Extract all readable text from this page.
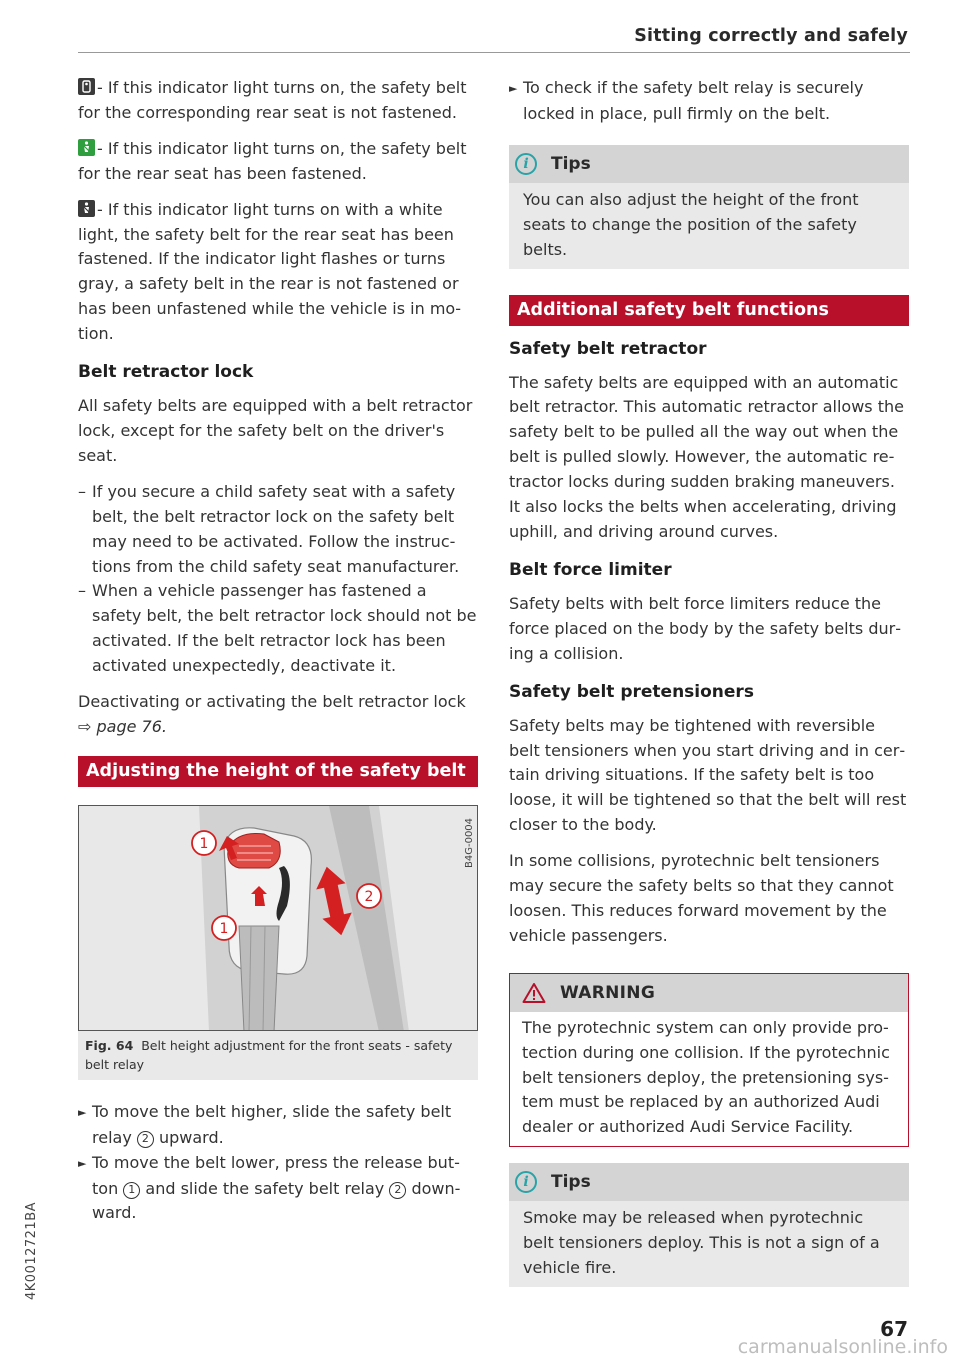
Sitting correctly and safely

- If this indicator light turns on, the safety belt for the corresponding rear seat is not fastened.

- If this indicator light turns on, the safety belt for the rear seat has been fastened.

- If this indicator light turns on with a white light, the safety belt for the rear seat has been fastened. If the indicator light flashes or turns gray, a safety belt in the rear is not fastened or has been unfastened while the vehicle is in motion.

Belt retractor lock

All safety belts are equipped with a belt retractor lock, except for the safety belt on the driver's seat.

– If you secure a child safety seat with a safety belt, the belt retractor lock on the safety belt may need to be activated. Follow the instructions from the child safety seat manufacturer.
– When a vehicle passenger has fastened a safety belt, the belt retractor lock should not be activated. If the belt retractor lock has been activated unexpectedly, deactivate it.

Deactivating or activating the belt retractor lock
⇨ page 76.

Adjusting the height of the safety belt
1
2
1
B4G-0004
Fig. 64 Belt height adjustment for the front seats - safety belt relay
► To move the belt higher, slide the safety belt relay 2 upward.
► To move the belt lower, press the release button 1 and slide the safety belt relay 2 downward.
► To check if the safety belt relay is securely locked in place, pull firmly on the belt.
i	Tips
You can also adjust the height of the front seats to change the position of the safety belts.
Additional safety belt functions
Safety belt retractor

The safety belts are equipped with an automatic belt retractor. This automatic retractor allows the safety belt to be pulled all the way out when the belt is pulled slowly. However, the automatic retractor locks during sudden braking maneuvers. It also locks the belts when accelerating, driving uphill, and driving around curves.

Belt force limiter

Safety belts with belt force limiters reduce the force placed on the body by the safety belts during a collision.

Safety belt pretensioners

Safety belts may be tightened with reversible belt tensioners when you start driving and in certain driving situations. If the safety belt is too loose, it will be tightened so that the belt will rest closer to the body.

In some collisions, pyrotechnic belt tensioners may secure the safety belts so that they cannot loosen. This reduces forward movement by the vehicle passengers.

WARNING
The pyrotechnic system can only provide protection during one collision. If the pyrotechnic belt tensioners deploy, the pretensioning system must be replaced by an authorized Audi dealer or authorized Audi Service Facility.
i	Tips
Smoke may be released when pyrotechnic belt tensioners deploy. This is not a sign of a vehicle fire.
67
4K0012721BA
carmanualsonline.info
